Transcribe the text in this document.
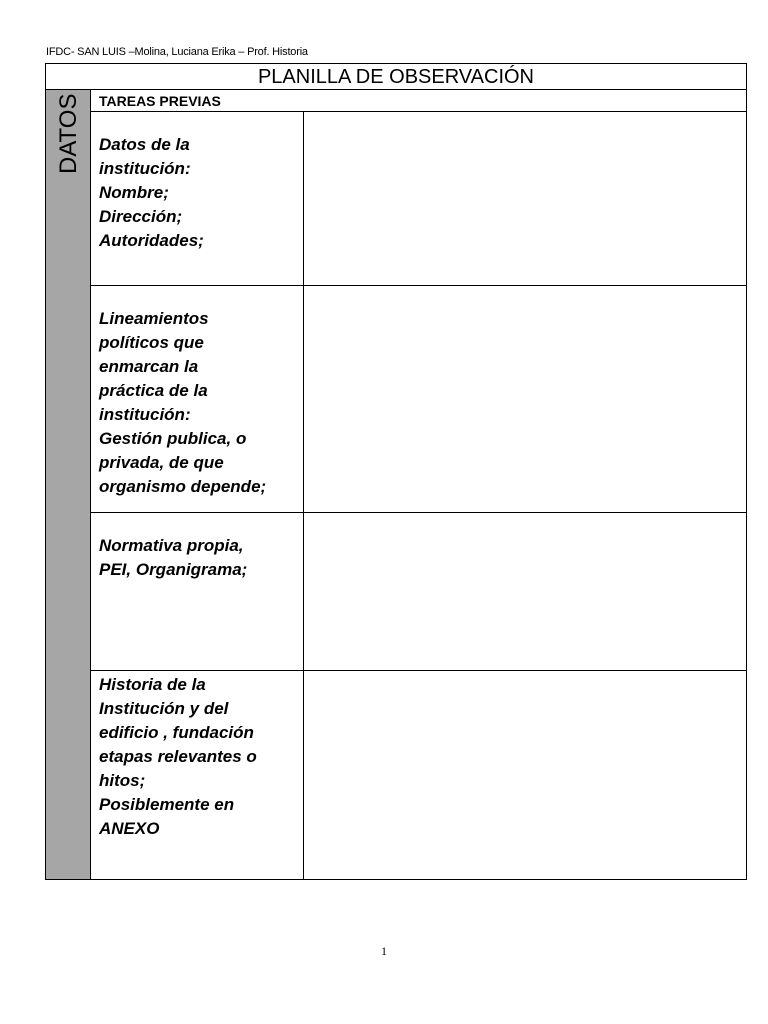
IFDC- SAN LUIS –Molina, Luciana Erika – Prof. Historia
PLANILLA DE OBSERVACIÓN
DATOS	TAREAS PREVIAS
Datos de la
institución:
Nombre;
Dirección;
Autoridades;
Lineamientos
políticos que
enmarcan la
práctica de la
institución:
Gestión publica, o
privada, de que
organismo depende;
Normativa propia,
PEI, Organigrama;
Historia de la
Institución y del
edificio , fundación
etapas relevantes o
hitos;
Posiblemente en
ANEXO
1
